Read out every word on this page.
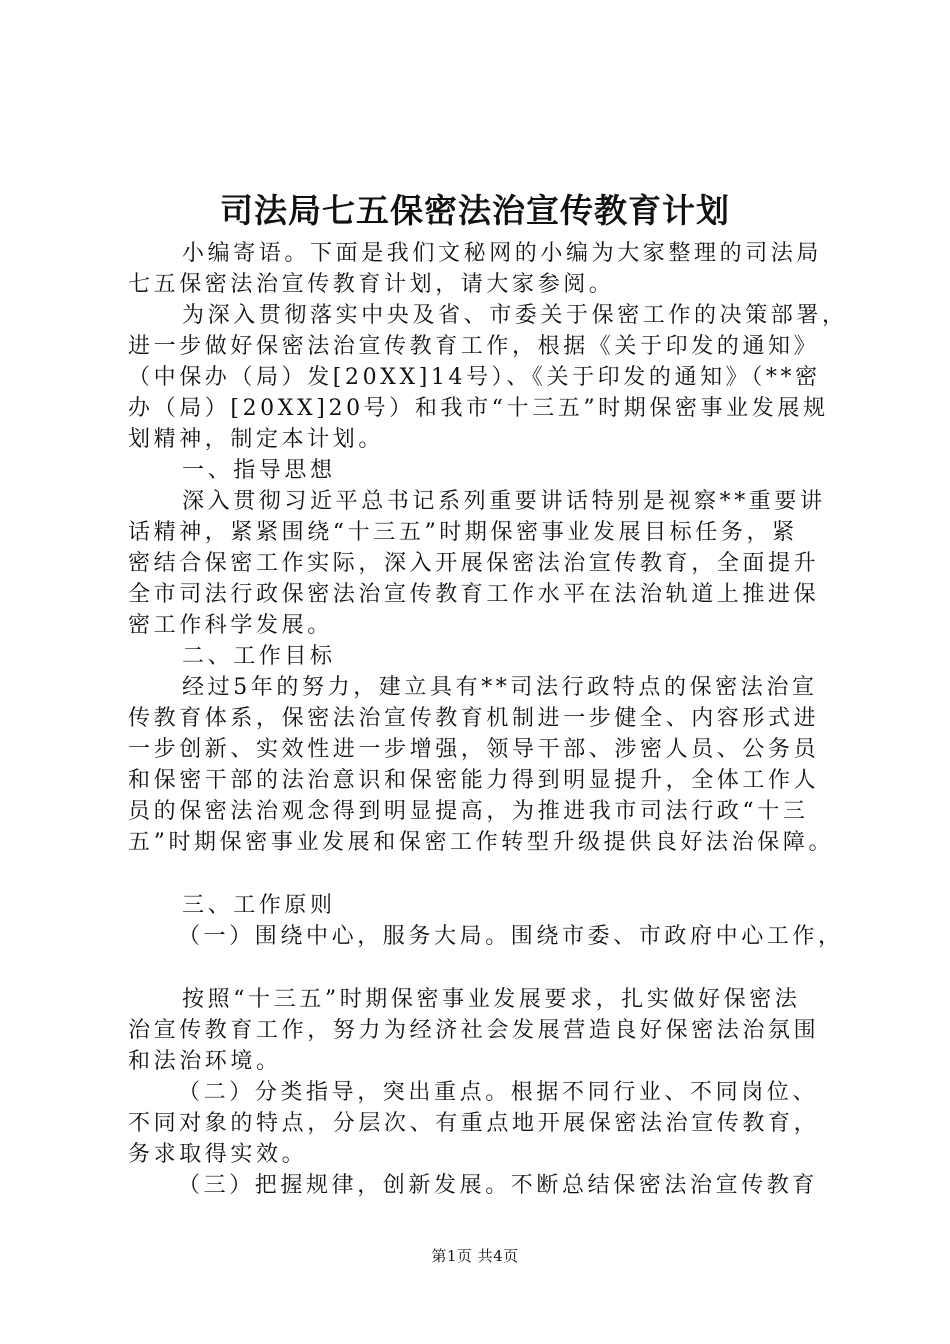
司法局七五保密法治宣传教育计划
小编寄语。下面是我们文秘网的小编为大家整理的司法局
七五保密法治宣传教育计划，请大家参阅。
为深入贯彻落实中央及省、市委关于保密工作的决策部署，
进一步做好保密法治宣传教育工作，根据《关于印发的通知》
（中保办（局）发[20XX]14号）、《关于印发的通知》（**密
办（局）[20XX]20号）和我市“十三五”时期保密事业发展规
划精神，制定本计划。
一、指导思想
深入贯彻习近平总书记系列重要讲话特别是视察**重要讲
话精神，紧紧围绕“十三五”时期保密事业发展目标任务，紧
密结合保密工作实际，深入开展保密法治宣传教育，全面提升
全市司法行政保密法治宣传教育工作水平在法治轨道上推进保
密工作科学发展。
二、工作目标
经过5年的努力，建立具有**司法行政特点的保密法治宣
传教育体系，保密法治宣传教育机制进一步健全、内容形式进
一步创新、实效性进一步增强，领导干部、涉密人员、公务员
和保密干部的法治意识和保密能力得到明显提升，全体工作人
员的保密法治观念得到明显提高，为推进我市司法行政“十三
五”时期保密事业发展和保密工作转型升级提供良好法治保障。
三、工作原则
（一）围绕中心，服务大局。围绕市委、市政府中心工作，
按照“十三五”时期保密事业发展要求，扎实做好保密法
治宣传教育工作，努力为经济社会发展营造良好保密法治氛围
和法治环境。
（二）分类指导，突出重点。根据不同行业、不同岗位、
不同对象的特点，分层次、有重点地开展保密法治宣传教育，
务求取得实效。
（三）把握规律，创新发展。不断总结保密法治宣传教育
第1页 共4页
